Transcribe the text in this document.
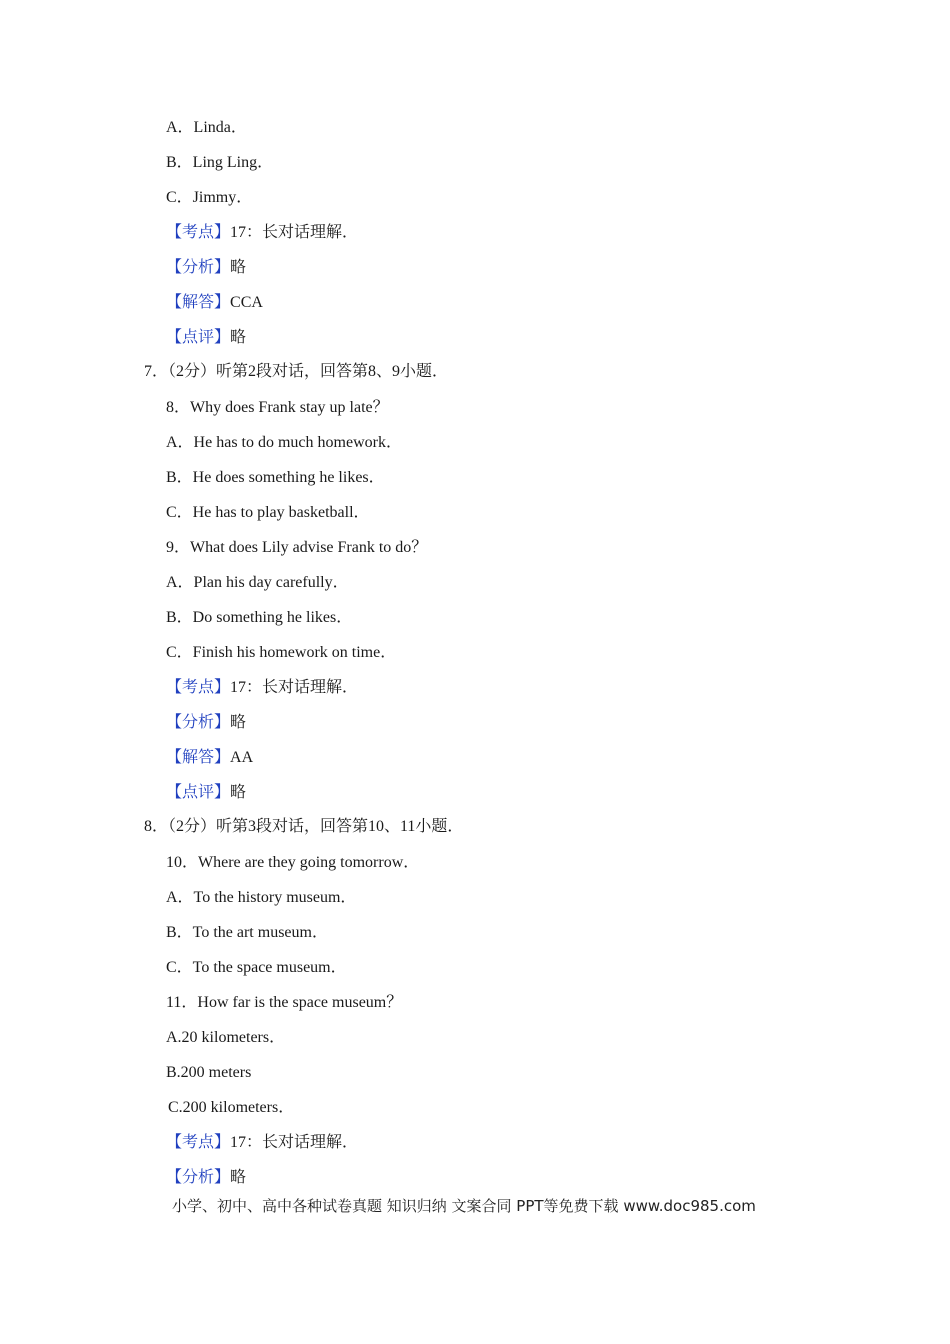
A．Linda．
B．Ling Ling．
C．Jimmy．
【考点】17：长对话理解．
【分析】略
【解答】CCA
【点评】略
7．（2分）听第2段对话，回答第8、9小题．
8．Why does Frank stay up late？
A．He has to do much homework．
B．He does something he likes．
C．He has to play basketball．
9．What does Lily advise Frank to do？
A．Plan his day carefully．
B．Do something he likes．
C．Finish his homework on time．
【考点】17：长对话理解．
【分析】略
【解答】AA
【点评】略
8．（2分）听第3段对话，回答第10、11小题．
10．Where are they going tomorrow．
A．To the history museum．
B．To the art museum．
C．To the space museum．
11．How far is the space museum？
A.20 kilometers．
B.200 meters
C.200 kilometers．
【考点】17：长对话理解．
【分析】略
小学、初中、高中各种试卷真题 知识归纳 文案合同 PPT等免费下载 www.doc985.com
